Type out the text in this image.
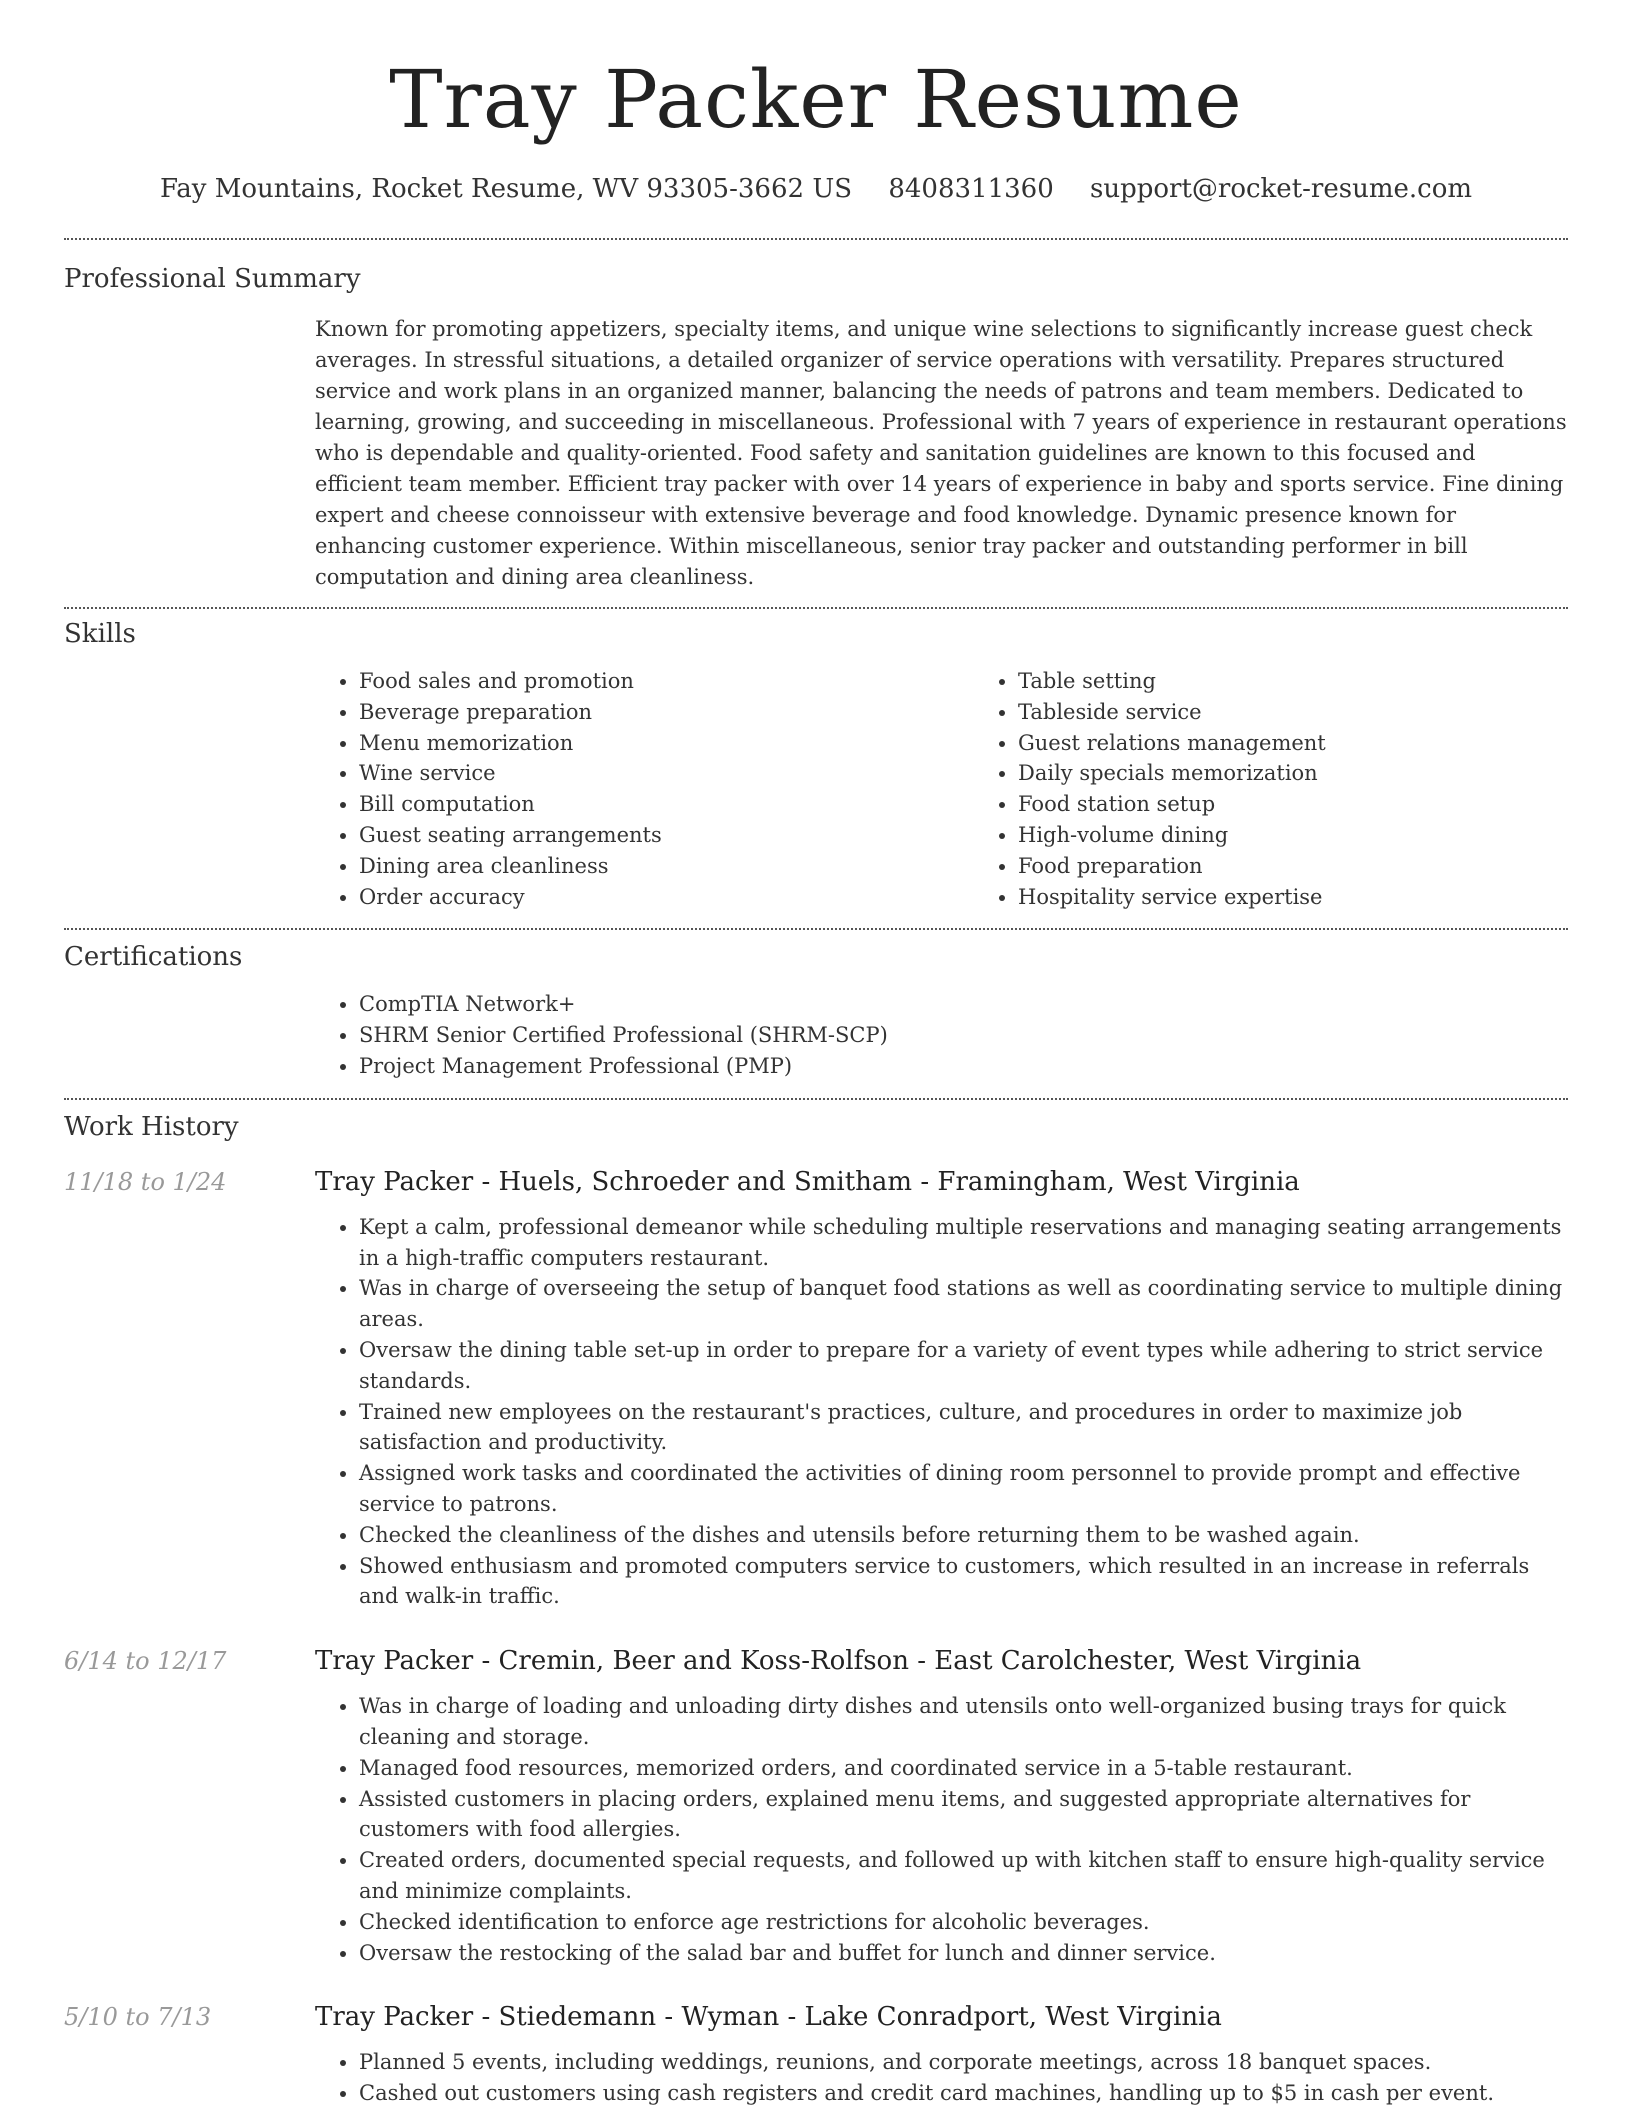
Tray Packer Resume
Fay Mountains, Rocket Resume, WV 93305-3662 US 8408311360 support@rocket-resume.com
Professional Summary

Known for promoting appetizers, specialty items, and unique wine selections to significantly increase guest check averages. In stressful situations, a detailed organizer of service operations with versatility. Prepares structured service and work plans in an organized manner, balancing the needs of patrons and team members. Dedicated to learning, growing, and succeeding in miscellaneous. Professional with 7 years of experience in restaurant operations who is dependable and quality-oriented. Food safety and sanitation guidelines are known to this focused and efficient team member. Efficient tray packer with over 14 years of experience in baby and sports service. Fine dining expert and cheese connoisseur with extensive beverage and food knowledge. Dynamic presence known for enhancing customer experience. Within miscellaneous, senior tray packer and outstanding performer in bill computation and dining area cleanliness.

Skills
• Food sales and promotion
• Beverage preparation
• Menu memorization
• Wine service
• Bill computation
• Guest seating arrangements
• Dining area cleanliness
• Order accuracy
• Table setting
• Tableside service
• Guest relations management
• Daily specials memorization
• Food station setup
• High-volume dining
• Food preparation
• Hospitality service expertise
Certifications
• CompTIA Network+
• SHRM Senior Certified Professional (SHRM-SCP)
• Project Management Professional (PMP)
Work History
11/18 to 1/24	Tray Packer - Huels, Schroeder and Smitham - Framingham, West Virginia
• Kept a calm, professional demeanor while scheduling multiple reservations and managing seating arrangements in a high-traffic computers restaurant.
• Was in charge of overseeing the setup of banquet food stations as well as coordinating service to multiple dining areas.
• Oversaw the dining table set-up in order to prepare for a variety of event types while adhering to strict service standards.
• Trained new employees on the restaurant's practices, culture, and procedures in order to maximize job satisfaction and productivity.
• Assigned work tasks and coordinated the activities of dining room personnel to provide prompt and effective service to patrons.
• Checked the cleanliness of the dishes and utensils before returning them to be washed again.
• Showed enthusiasm and promoted computers service to customers, which resulted in an increase in referrals and walk-in traffic.
6/14 to 12/17	Tray Packer - Cremin, Beer and Koss-Rolfson - East Carolchester, West Virginia
• Was in charge of loading and unloading dirty dishes and utensils onto well-organized busing trays for quick cleaning and storage.
• Managed food resources, memorized orders, and coordinated service in a 5-table restaurant.
• Assisted customers in placing orders, explained menu items, and suggested appropriate alternatives for customers with food allergies.
• Created orders, documented special requests, and followed up with kitchen staff to ensure high-quality service and minimize complaints.
• Checked identification to enforce age restrictions for alcoholic beverages.
• Oversaw the restocking of the salad bar and buffet for lunch and dinner service.
5/10 to 7/13	Tray Packer - Stiedemann - Wyman - Lake Conradport, West Virginia
• Planned 5 events, including weddings, reunions, and corporate meetings, across 18 banquet spaces.
• Cashed out customers using cash registers and credit card machines, handling up to $5 in cash per event.
